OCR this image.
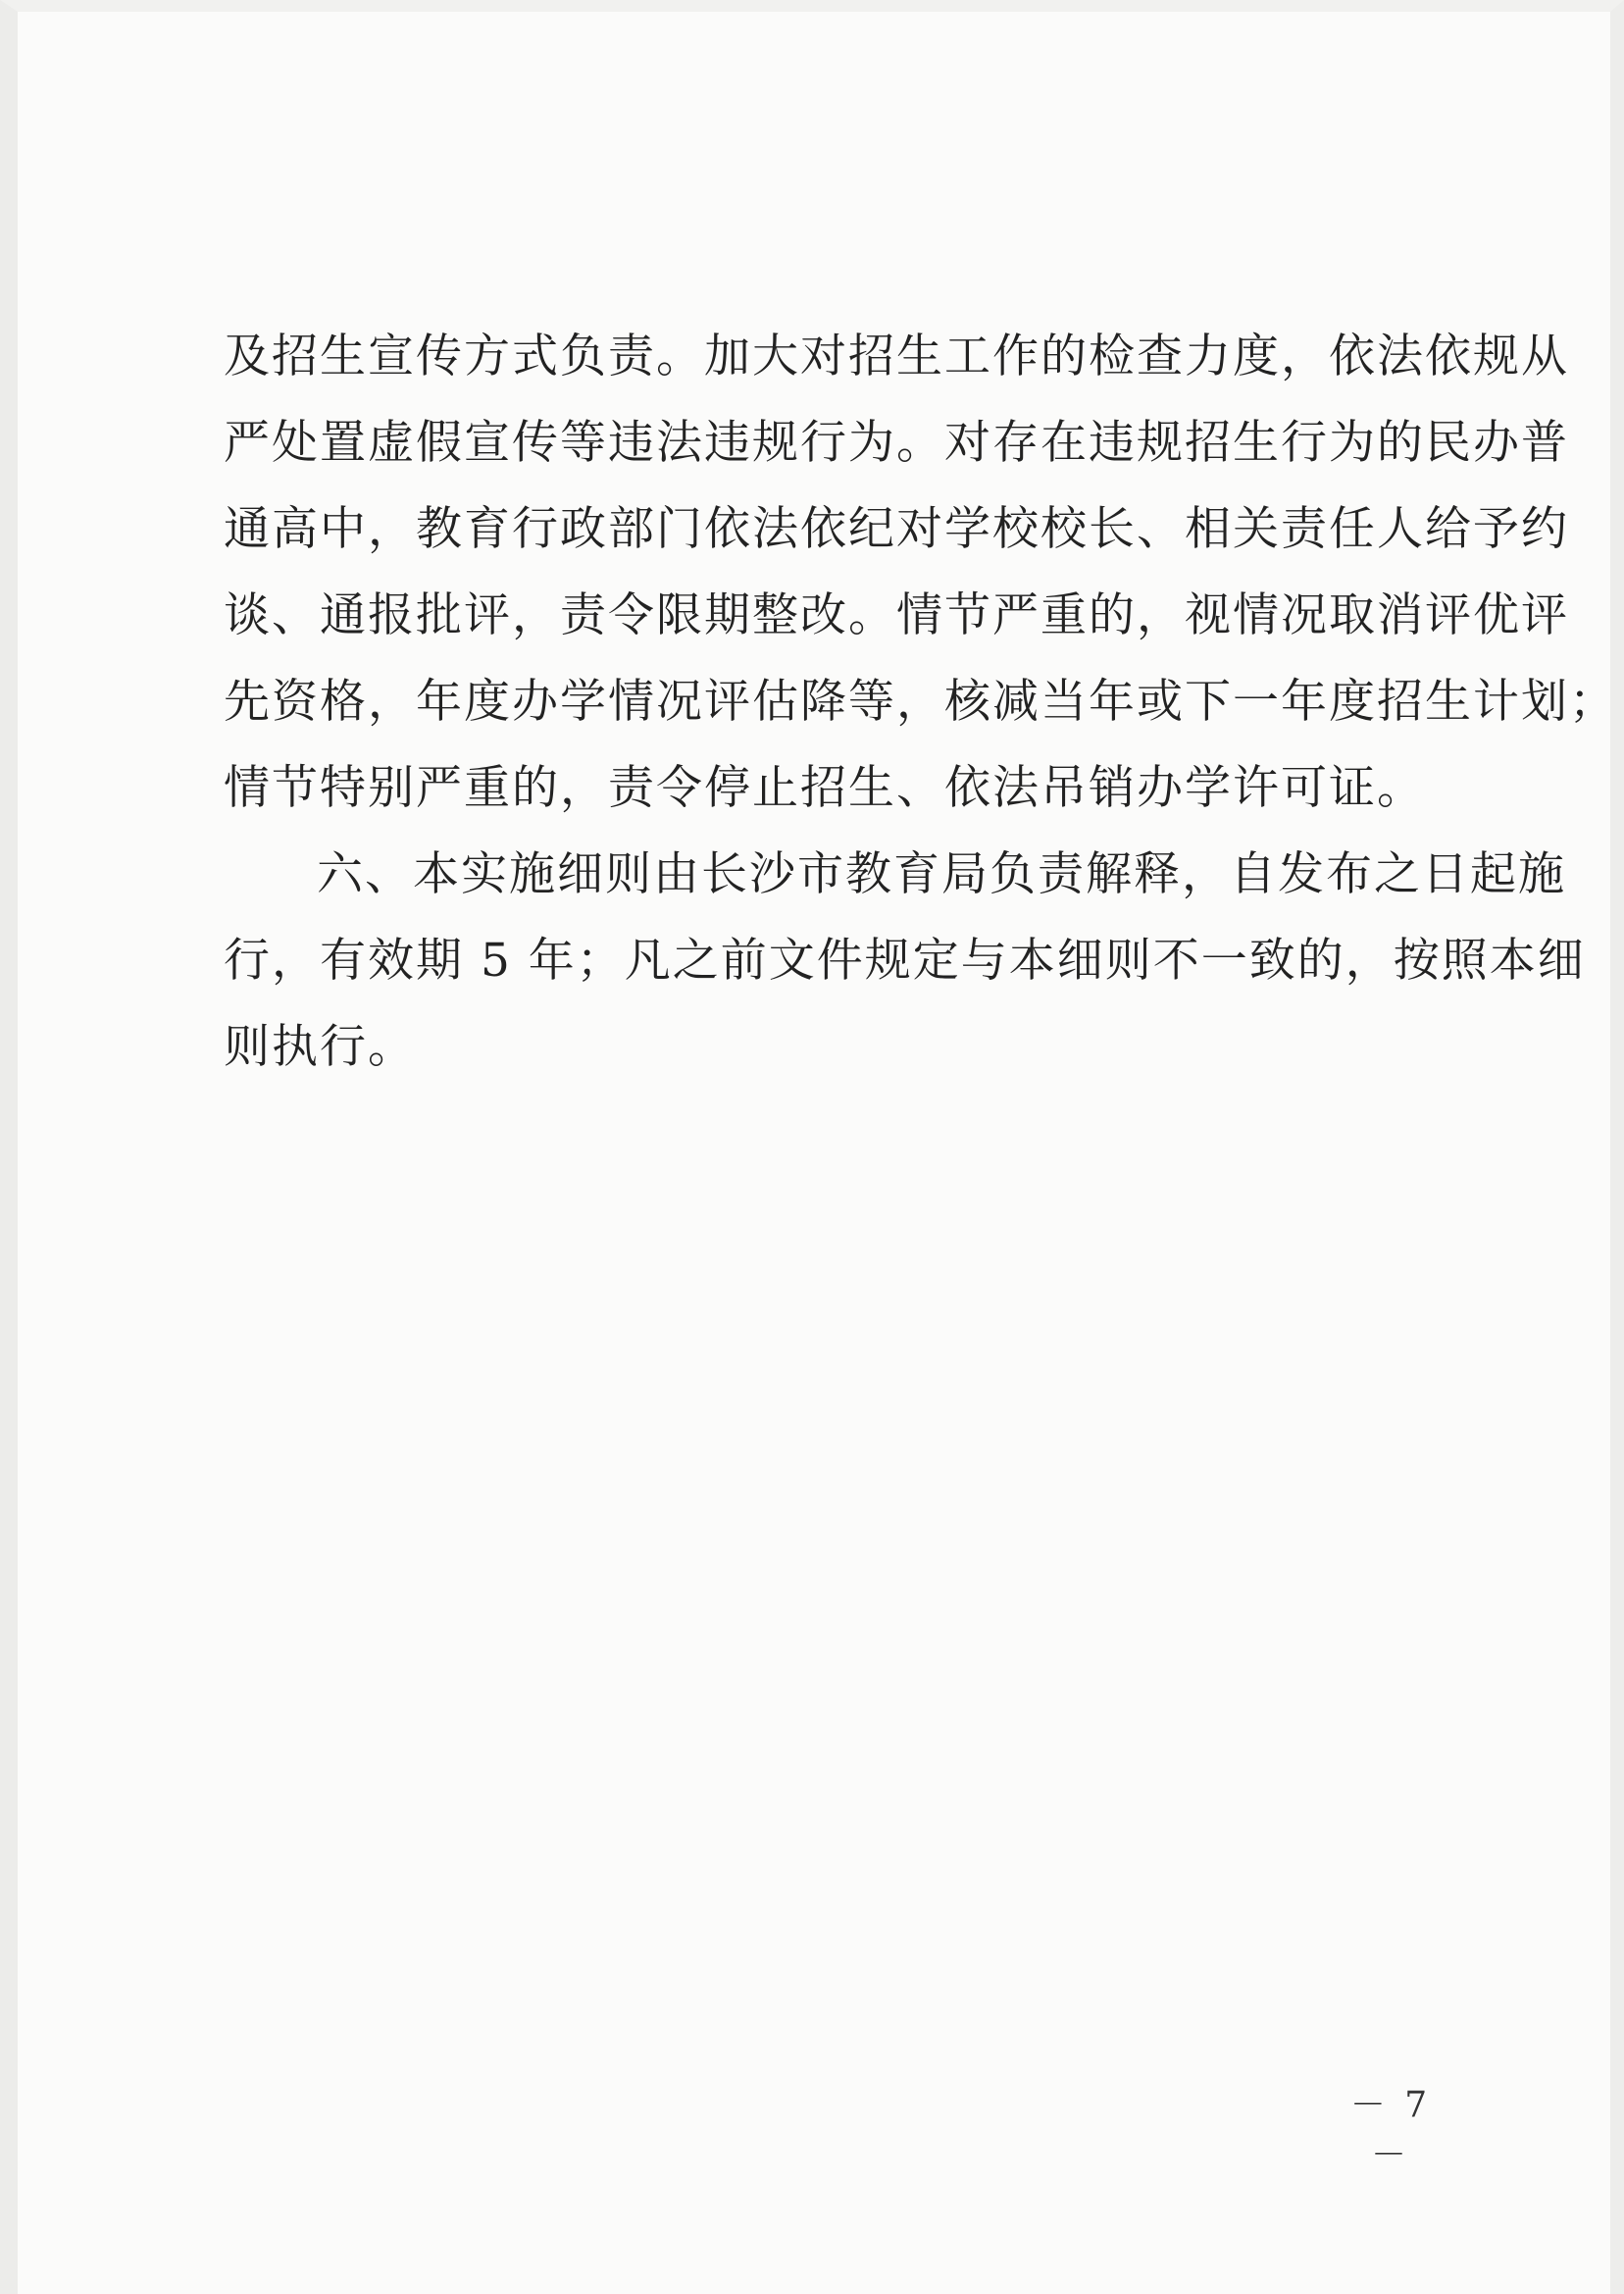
及招生宣传方式负责。加大对招生工作的检查力度，依法依规从
严处置虚假宣传等违法违规行为。对存在违规招生行为的民办普
通高中，教育行政部门依法依纪对学校校长、相关责任人给予约
谈、通报批评，责令限期整改。情节严重的，视情况取消评优评
先资格，年度办学情况评估降等，核减当年或下一年度招生计划；
情节特别严重的，责令停止招生、依法吊销办学许可证。

六、本实施细则由长沙市教育局负责解释，自发布之日起施
行，有效期 5 年；凡之前文件规定与本细则不一致的，按照本细
则执行。

－ 7 －
